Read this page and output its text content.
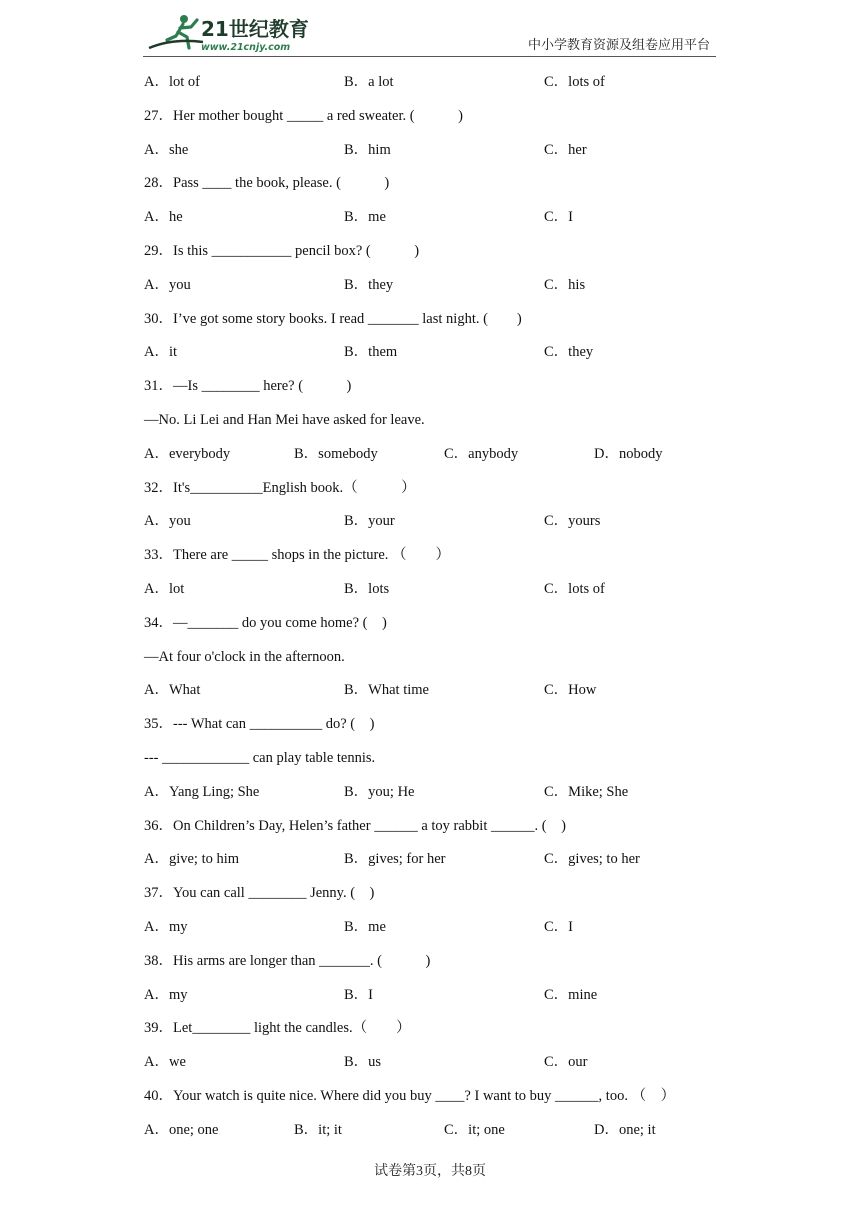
21世纪教育
www.21cnjy.com	中小学教育资源及组卷应用平台
A．lot of	B．a lot	C．lots of
27．Her mother bought _____ a red sweater. (　　　)
A．she	B．him	C．her
28．Pass ____ the book, please. (　　　)
A．he	B．me	C．I
29．Is this ___________ pencil box? (　　　)
A．you	B．they	C．his
30．I’ve got some story books. I read _______ last night. (　　)
A．it	B．them	C．they
31．—Is ________ here? (　　　)
—No. Li Lei and Han Mei have asked for leave.
A．everybody	B．somebody	C．anybody	D．nobody
32．It's__________English book.（　　　）
A．you	B．your	C．yours
33．There are _____ shops in the picture. （　　）
A．lot	B．lots	C．lots of
34．—_______ do you come home? (　)
—At four o'clock in the afternoon.
A．What	B．What time	C．How
35．--- What can __________ do? (　)
--- ____________ can play table tennis.
A．Yang Ling; She	B．you; He	C．Mike; She
36．On Children’s Day, Helen’s father ______ a toy rabbit ______. (　)
A．give; to him	B．gives; for her	C．gives; to her
37．You can call ________ Jenny. (　)
A．my	B．me	C．I
38．His arms are longer than _______. (　　　)
A．my	B．I	C．mine
39．Let________ light the candles.（　　）
A．we	B．us	C．our
40．Your watch is quite nice. Where did you buy ____? I want to buy ______, too. （　）
A．one; one	B．it; it	C．it; one	D．one; it
试卷第3页，共8页
